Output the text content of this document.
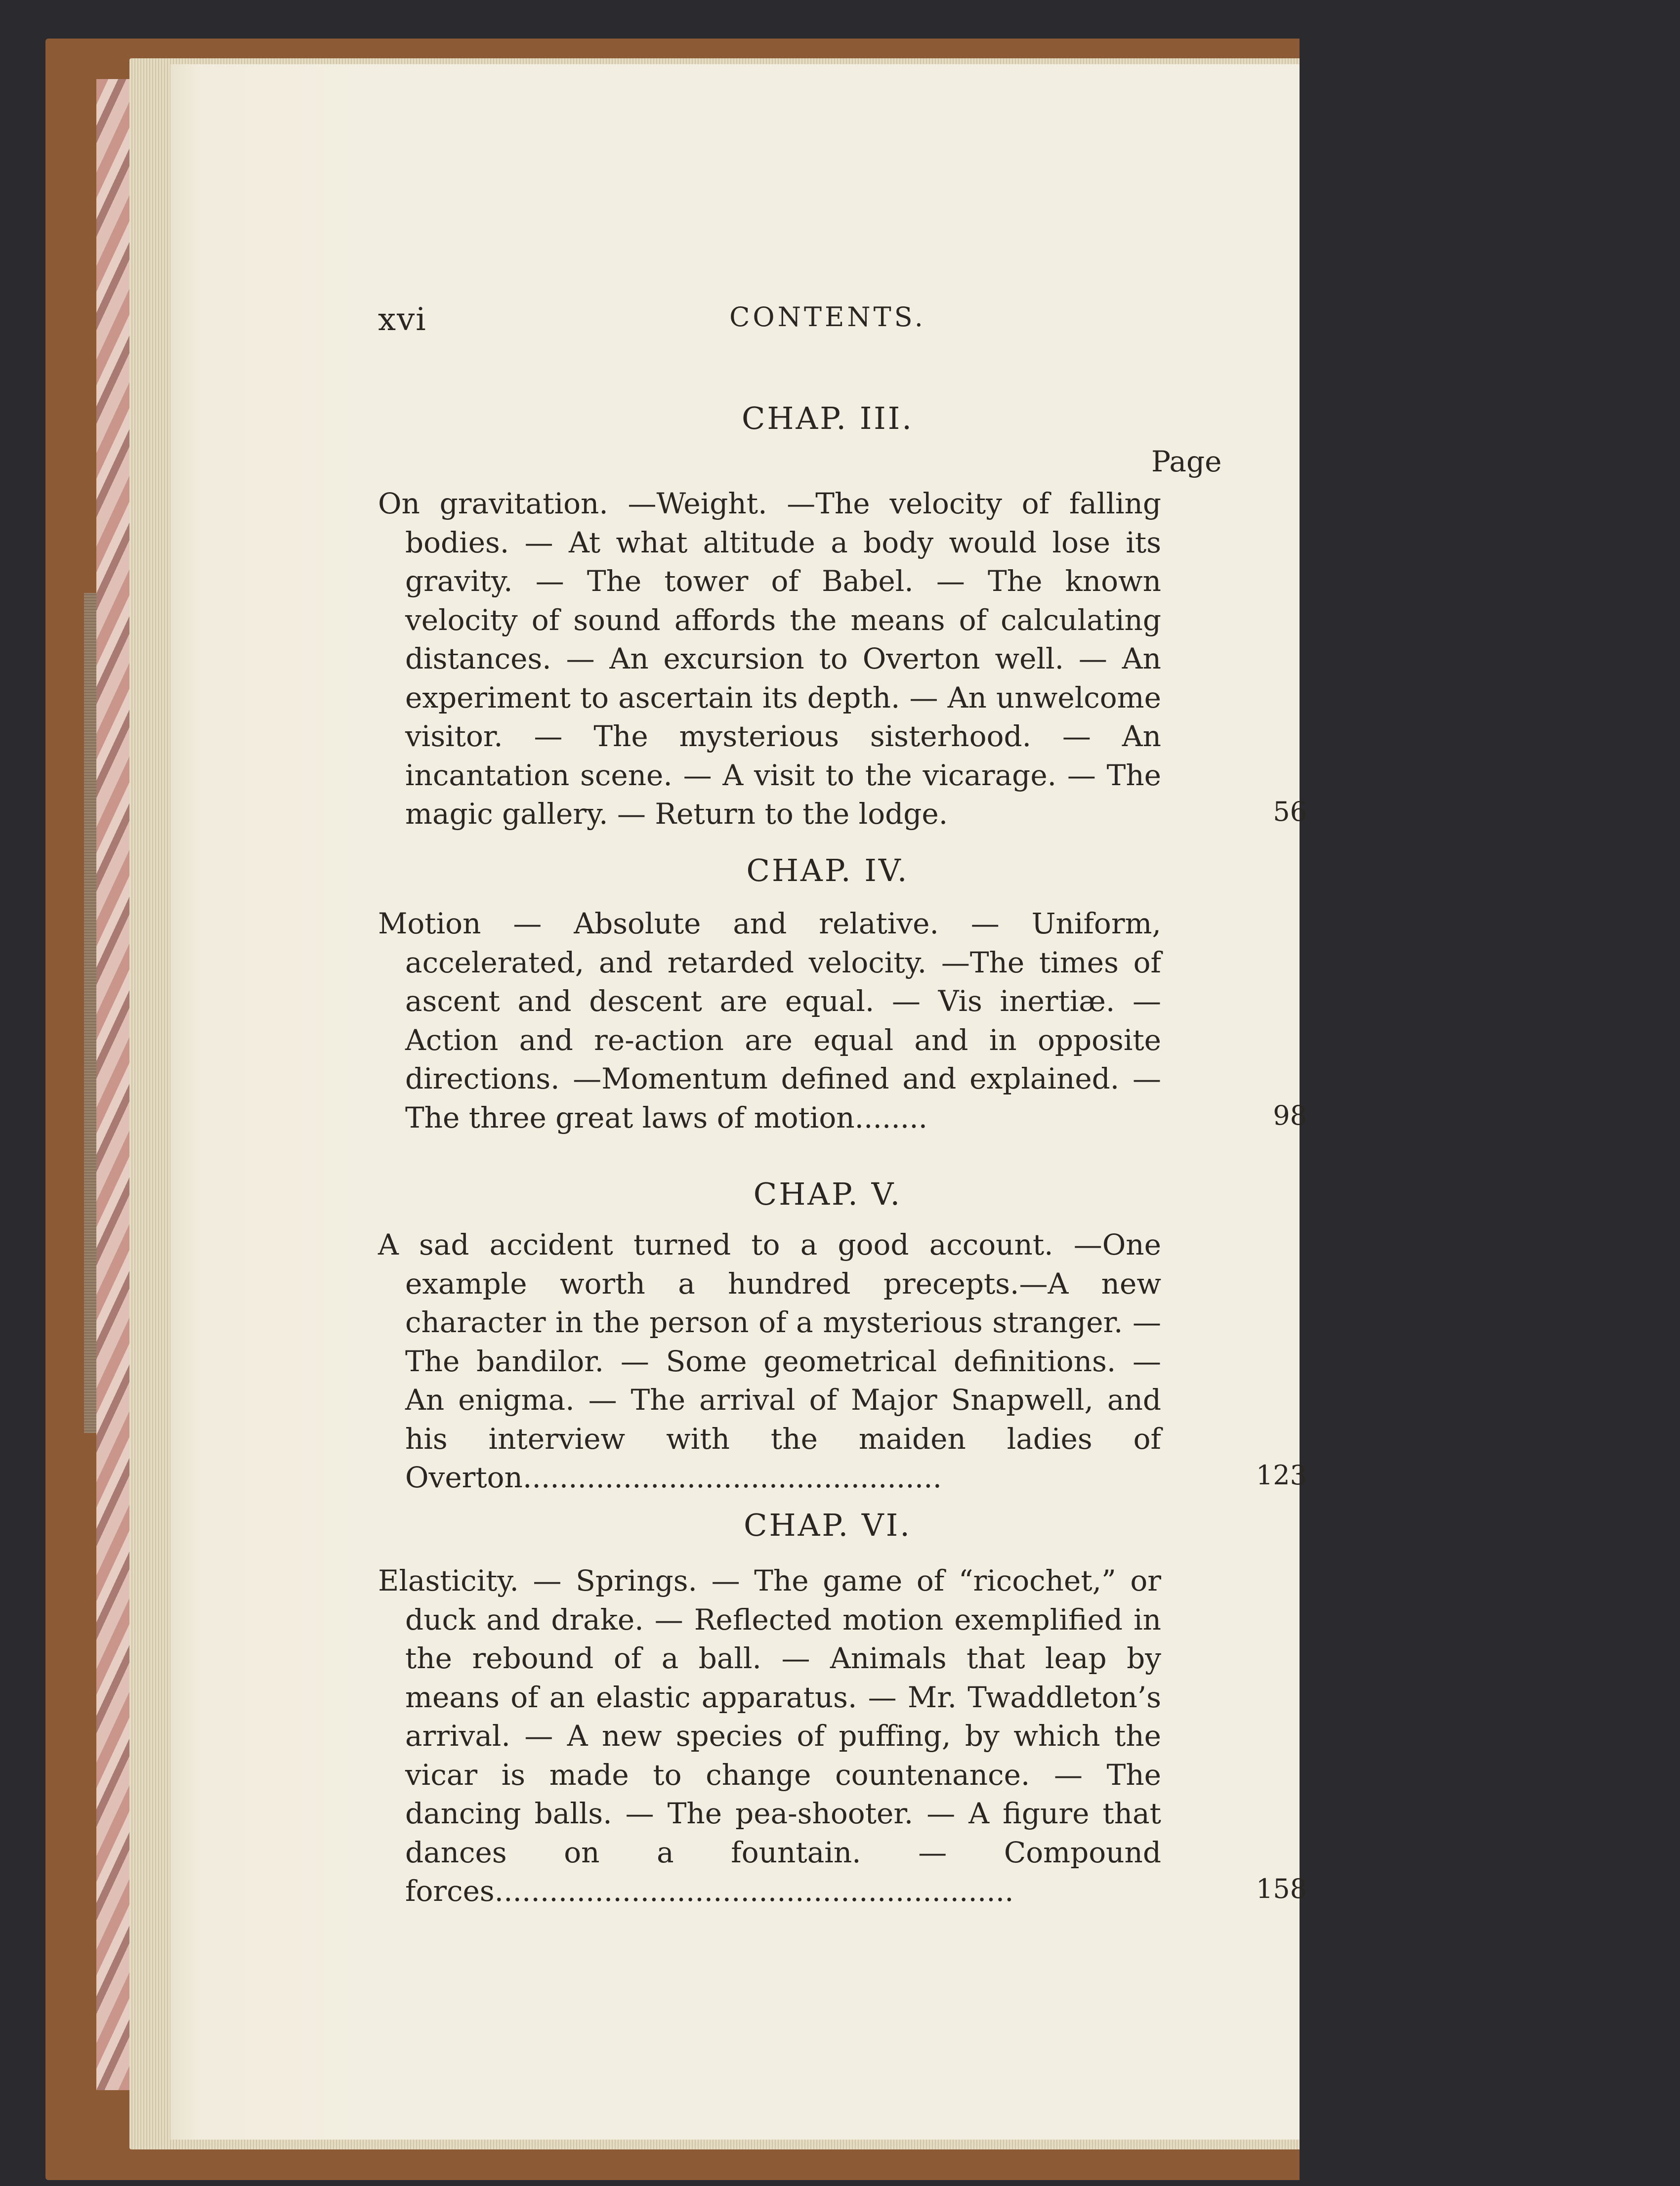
xvi	CONTENTS.
CHAP. III.
Page
On gravitation. —Weight. —The velocity of falling bodies. — At what altitude a body would lose its gravity. — The tower of Babel. — The known velocity of sound affords the means of calculating distances. — An excursion to Overton well. — An experiment to ascertain its depth. — An unwelcome visitor. — The mysterious sisterhood. — An incantation scene. — A visit to the vicarage. — The magic gallery. — Return to the lodge.	56
CHAP. IV.
Motion — Absolute and relative. — Uniform, accelerated, and retarded velocity. —The times of ascent and descent are equal. — Vis inertiæ. — Action and re-action are equal and in opposite directions. —Momentum defined and explained. — The three great laws of motion........	98
CHAP. V.
A sad accident turned to a good account. —One example worth a hundred precepts.—A new character in the person of a mysterious stranger. —The bandilor. — Some geometrical definitions. — An enigma. — The arrival of Major Snapwell, and his interview with the maiden ladies of Overton..............................................	123
CHAP. VI.
Elasticity. — Springs. — The game of “ricochet,” or duck and drake. — Reflected motion exemplified in the rebound of a ball. — Animals that leap by means of an elastic apparatus. — Mr. Twaddleton’s arrival. — A new species of puffing, by which the vicar is made to change countenance. — The dancing balls. — The pea-shooter. — A figure that dances on a fountain. — Compound forces.........................................................	158
